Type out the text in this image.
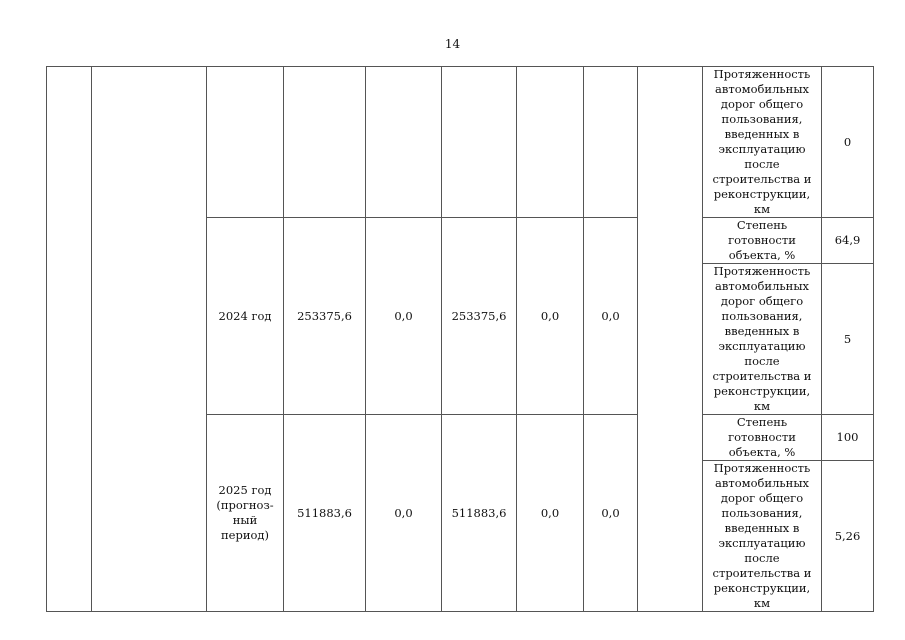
14
									Протяженность автомобильных дорог общего пользования, введенных в эксплуатацию после строительства и реконструкции, км	0
		2024 год	253375,6	0,0	253375,6	0,0	0,0		Степень готовности объекта, %	64,9
									Протяженность автомобильных дорог общего пользования, введенных в эксплуатацию после строительства и реконструкции, км	5
		2025 год (прогноз-ный период)	511883,6	0,0	511883,6	0,0	0,0		Степень готовности объекта, %	100
									Протяженность автомобильных дорог общего пользования, введенных в эксплуатацию после строительства и реконструкции, км	5,26
